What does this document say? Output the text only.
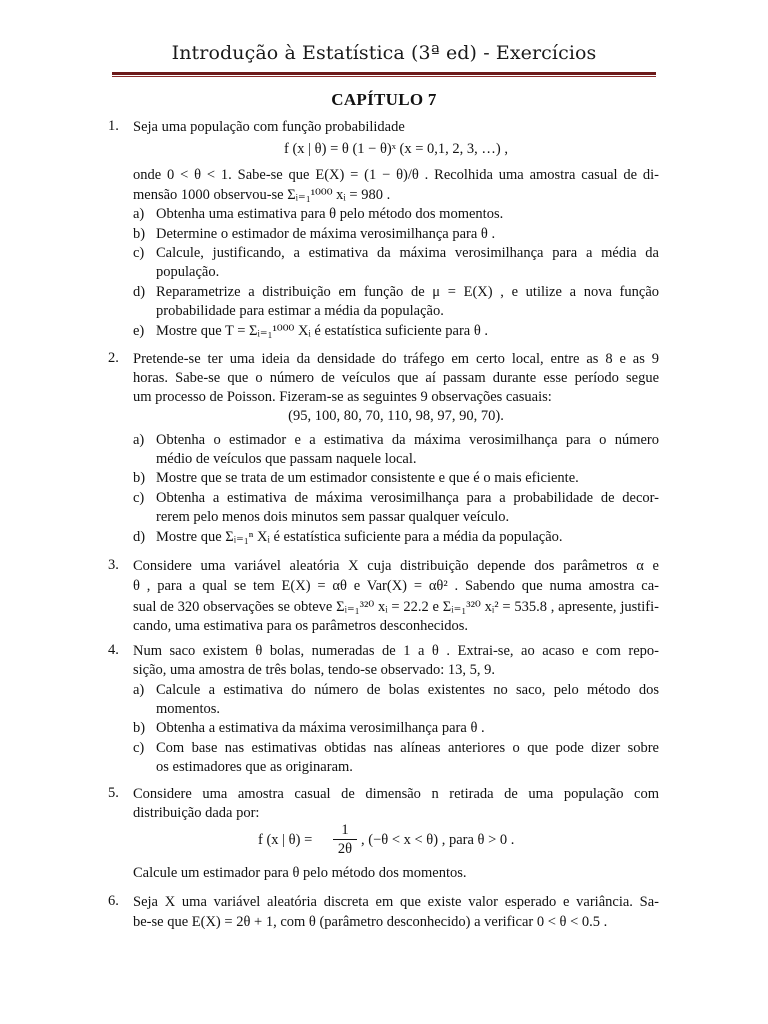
Introdução à Estatística (3ª ed) - Exercícios
CAPÍTULO 7
1. Seja uma população com função probabilidade
f (x | θ) = θ (1 − θ)ˣ (x = 0,1, 2, 3, …) ,
onde 0 < θ < 1. Sabe-se que E(X) = (1 − θ)/θ . Recolhida uma amostra casual de di-
mensão 1000 observou-se Σᵢ₌₁¹⁰⁰⁰ xᵢ = 980 .
a) Obtenha uma estimativa para θ pelo método dos momentos.
b) Determine o estimador de máxima verosimilhança para θ .
c) Calcule, justificando, a estimativa da máxima verosimilhança para a média da
população.
d) Reparametrize a distribuição em função de μ = E(X) , e utilize a nova função
probabilidade para estimar a média da população.
e) Mostre que T = Σᵢ₌₁¹⁰⁰⁰ Xᵢ é estatística suficiente para θ .
2. Pretende-se ter uma ideia da densidade do tráfego em certo local, entre as 8 e as 9
horas. Sabe-se que o número de veículos que aí passam durante esse período segue
um processo de Poisson. Fizeram-se as seguintes 9 observações casuais:
(95, 100, 80, 70, 110, 98, 97, 90, 70).
a) Obtenha o estimador e a estimativa da máxima verosimilhança para o número
médio de veículos que passam naquele local.
b) Mostre que se trata de um estimador consistente e que é o mais eficiente.
c) Obtenha a estimativa de máxima verosimilhança para a probabilidade de decor-
rerem pelo menos dois minutos sem passar qualquer veículo.
d) Mostre que Σᵢ₌₁ⁿ Xᵢ é estatística suficiente para a média da população.
3. Considere uma variável aleatória X cuja distribuição depende dos parâmetros α e
θ , para a qual se tem E(X) = αθ e Var(X) = αθ² . Sabendo que numa amostra ca-
sual de 320 observações se obteve Σᵢ₌₁³²⁰ xᵢ = 22.2 e Σᵢ₌₁³²⁰ xᵢ² = 535.8 , apresente, justifi-
cando, uma estimativa para os parâmetros desconhecidos.
4. Num saco existem θ bolas, numeradas de 1 a θ . Extrai-se, ao acaso e com repo-
sição, uma amostra de três bolas, tendo-se observado: 13, 5, 9.
a) Calcule a estimativa do número de bolas existentes no saco, pelo método dos
momentos.
b) Obtenha a estimativa da máxima verosimilhança para θ .
c) Com base nas estimativas obtidas nas alíneas anteriores o que pode dizer sobre
os estimadores que as originaram.
5. Considere uma amostra casual de dimensão n retirada de uma população com
distribuição dada por:
f (x | $\theta) = \frac{1}{2\theta}$ , (−θ < x < θ) , para θ > 0 .
Calcule um estimador para θ pelo método dos momentos.
6. Seja X uma variável aleatória discreta em que existe valor esperado e variância. Sa-
be-se que E(X) = 2θ + 1, com θ (parâmetro desconhecido) a verificar 0 < θ < 0.5 .
